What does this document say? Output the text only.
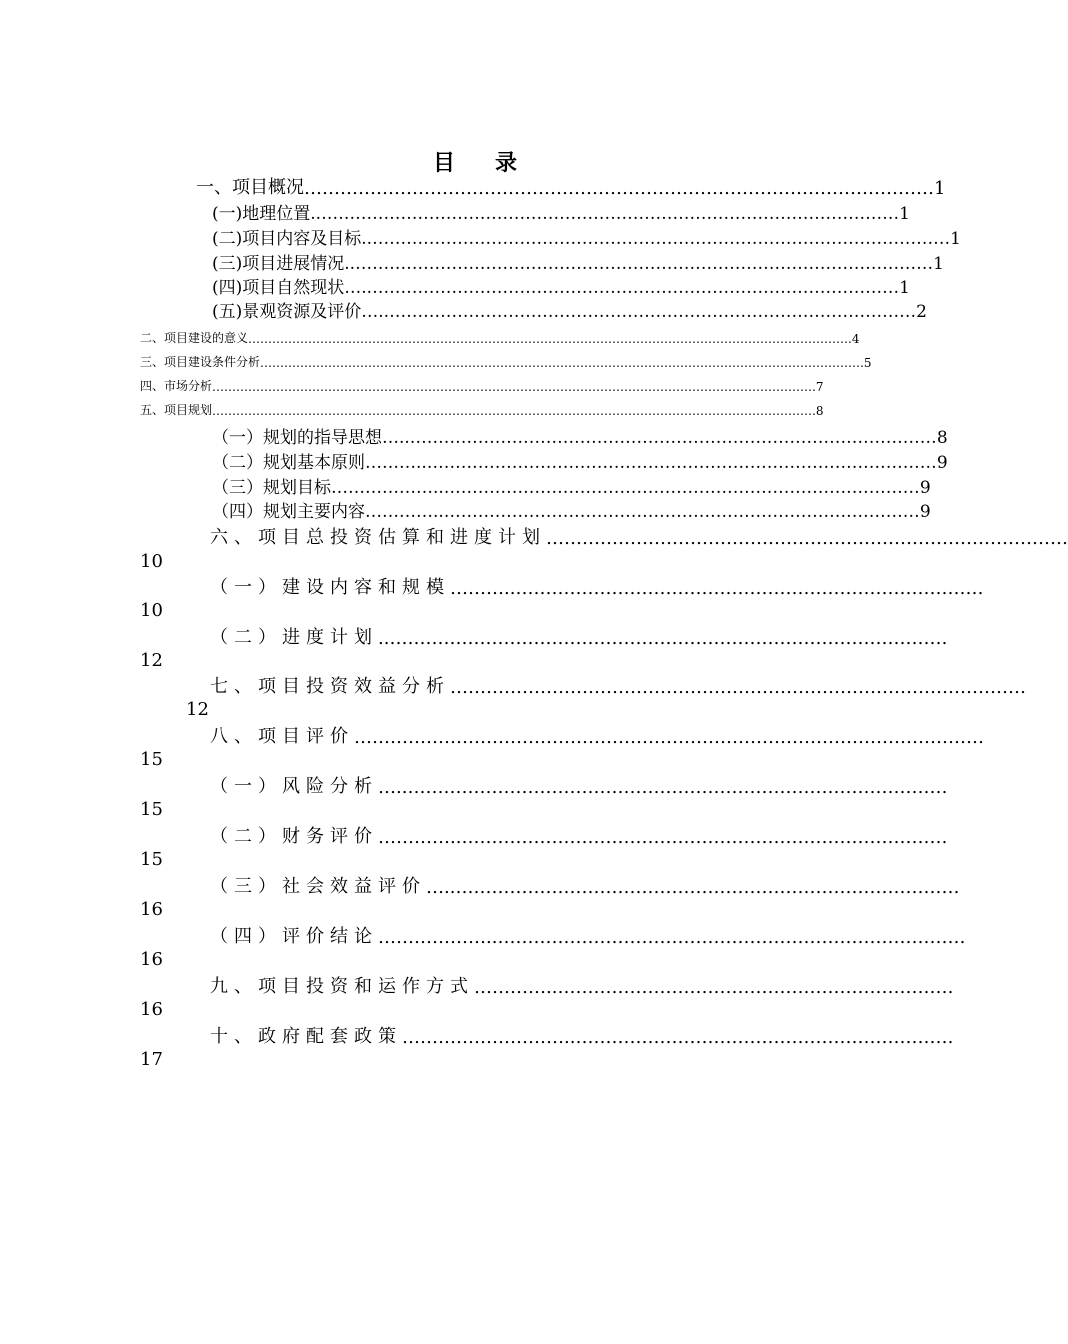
目 录
一、项目概况 …………………………………………………………………………………………… 1
(一)地理位置 ..………………………………………………………………………………………… 1
(二)项目内容及目标 ..………………………………………………………………………………………… 1
(三)项目进展情况 ..………………………………………………………………………………………… 1
(四)项目自然现状 …..………………………………………………………………………………… 1
(五)景观资源及评价 …..………………………………………………………………………………… 2
二、项目建设的意义 …………………………………………………………………………………………………………………………………… . 4
三、项目建设条件分析 …………………………………………………………………………………………………………………………………… . 5
四、市场分析 …………………………………………………………………………………………………………………………………… . 7
五、项目规划 …………………………………………………………………………………………………………………………………… . 8
（一）规划的指导思想 …..………………………………………………………………………………… 8
（二）规划基本原则 ………..……………………………………………………………………………… 9
（三）规划目标 ………………..………………………………………………………………………… 9
（四）规划主要内容 …………..………………………………………………………………………… 9
六、项目总投资估算和进度计划 ……………………………………………………………………………
10
（一）建设内容和规模 ………..……………………………………………………………………
10
（二）进度计划 ..…………………………………………………………………………………
12
七、项目投资效益分析 ……………………………………………………………………………………
12
八、项目评价 ……………………………………………………………………………………………
15
（一）风险分析 …..………………………………………………………………………………
15
（二）财务评价 …………..………………………………………………………………………
15
（三）社会效益评价 …..…………………………………………………………………………
16
（四）评价结论 ………………..……………………………………………………………………
16
九、项目投资和运作方式 …………..…………………………………………………………
16
十、政府配套政策 ………………………..………………………………………………………
17
